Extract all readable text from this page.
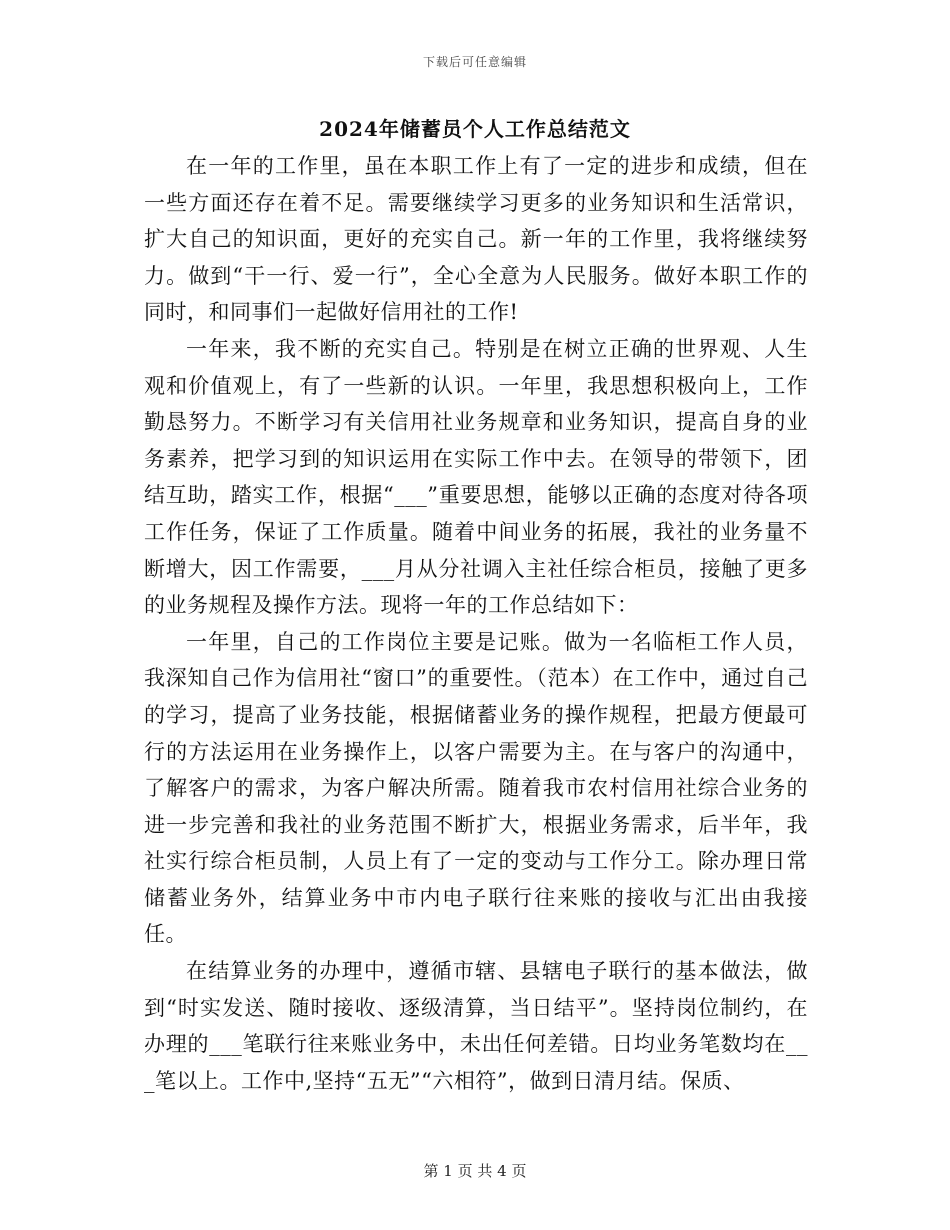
下载后可任意编辑
2024年储蓄员个人工作总结范文

在一年的工作里，虽在本职工作上有了一定的进步和成绩，但在一些方面还存在着不足。需要继续学习更多的业务知识和生活常识，扩大自己的知识面，更好的充实自己。新一年的工作里，我将继续努力。做到“干一行、爱一行”，全心全意为人民服务。做好本职工作的同时，和同事们一起做好信用社的工作!

一年来，我不断的充实自己。特别是在树立正确的世界观、人生观和价值观上，有了一些新的认识。一年里，我思想积极向上，工作勤恳努力。不断学习有关信用社业务规章和业务知识，提高自身的业务素养，把学习到的知识运用在实际工作中去。在领导的带领下，团结互助，踏实工作，根据“___”重要思想，能够以正确的态度对待各项工作任务，保证了工作质量。随着中间业务的拓展，我社的业务量不断增大，因工作需要，___月从分社调入主社任综合柜员，接触了更多的业务规程及操作方法。现将一年的工作总结如下：

一年里，自己的工作岗位主要是记账。做为一名临柜工作人员，我深知自己作为信用社“窗口”的重要性。（范本）在工作中，通过自己的学习，提高了业务技能，根据储蓄业务的操作规程，把最方便最可行的方法运用在业务操作上，以客户需要为主。在与客户的沟通中，了解客户的需求，为客户解决所需。随着我市农村信用社综合业务的进一步完善和我社的业务范围不断扩大，根据业务需求，后半年，我社实行综合柜员制，人员上有了一定的变动与工作分工。除办理日常储蓄业务外，结算业务中市内电子联行往来账的接收与汇出由我接任。

在结算业务的办理中，遵循市辖、县辖电子联行的基本做法，做到“时实发送、随时接收、逐级清算，当日结平”。坚持岗位制约，在办理的___笔联行往来账业务中，未出任何差错。日均业务笔数均在___笔以上。工作中,坚持“五无”“六相符”，做到日清月结。保质、

第 1 页 共 4 页
